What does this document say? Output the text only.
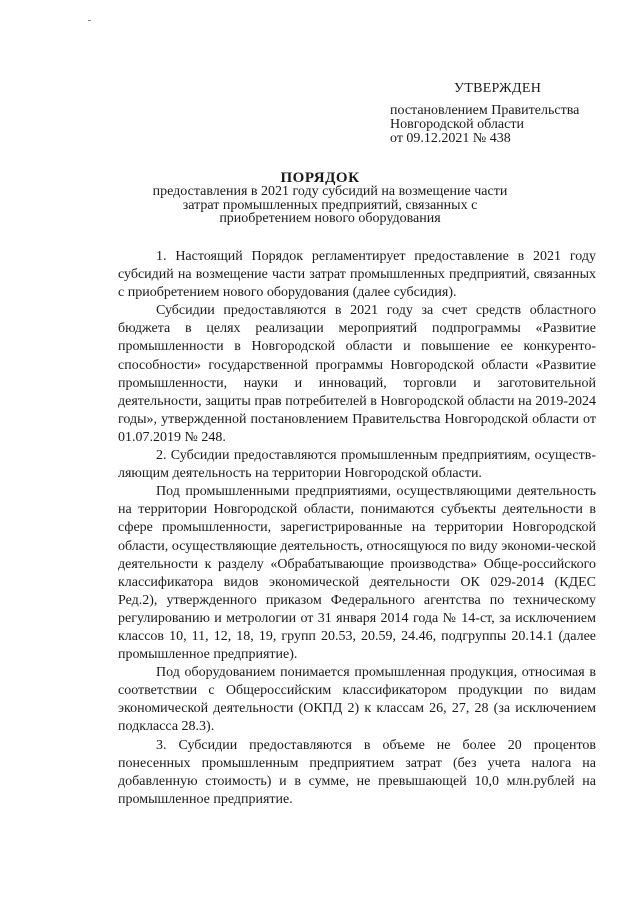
УТВЕРЖДЕН
постановлением Правительства
Новгородской области
от 09.12.2021 № 438
ПОРЯДОК
предоставления в 2021 году субсидий на возмещение части затрат промышленных предприятий, связанных с приобретением нового оборудования

1. Настоящий Порядок регламентирует предоставление в 2021 году субсидий на возмещение части затрат промышленных предприятий, связанных с приобретением нового оборудования (далее субсидия).

Субсидии предоставляются в 2021 году за счет средств областного бюджета в целях реализации мероприятий подпрограммы «Развитие промышленности в Новгородской области и повышение ее конкуренто-способности» государственной программы Новгородской области «Развитие промышленности, науки и инноваций, торговли и заготовительной деятельности, защиты прав потребителей в Новгородской области на 2019-2024 годы», утвержденной постановлением Правительства Новгородской области от 01.07.2019 № 248.

2. Субсидии предоставляются промышленным предприятиям, осуществ-ляющим деятельность на территории Новгородской области.

Под промышленными предприятиями, осуществляющими деятельность на территории Новгородской области, понимаются субъекты деятельности в сфере промышленности, зарегистрированные на территории Новгородской области, осуществляющие деятельность, относящуюся по виду экономи-ческой деятельности к разделу «Обрабатывающие производства» Обще-российского классификатора видов экономической деятельности ОК 029-2014 (КДЕС Ред.2), утвержденного приказом Федерального агентства по техническому регулированию и метрологии от 31 января 2014 года № 14-ст, за исключением классов 10, 11, 12, 18, 19, групп 20.53, 20.59, 24.46, подгруппы 20.14.1 (далее промышленное предприятие).

Под оборудованием понимается промышленная продукция, относимая в соответствии с Общероссийским классификатором продукции по видам экономической деятельности (ОКПД 2) к классам 26, 27, 28 (за исключением подкласса 28.3).

3. Субсидии предоставляются в объеме не более 20 процентов понесенных промышленным предприятием затрат (без учета налога на добавленную стоимость) и в сумме, не превышающей 10,0 млн.рублей на промышленное предприятие.
